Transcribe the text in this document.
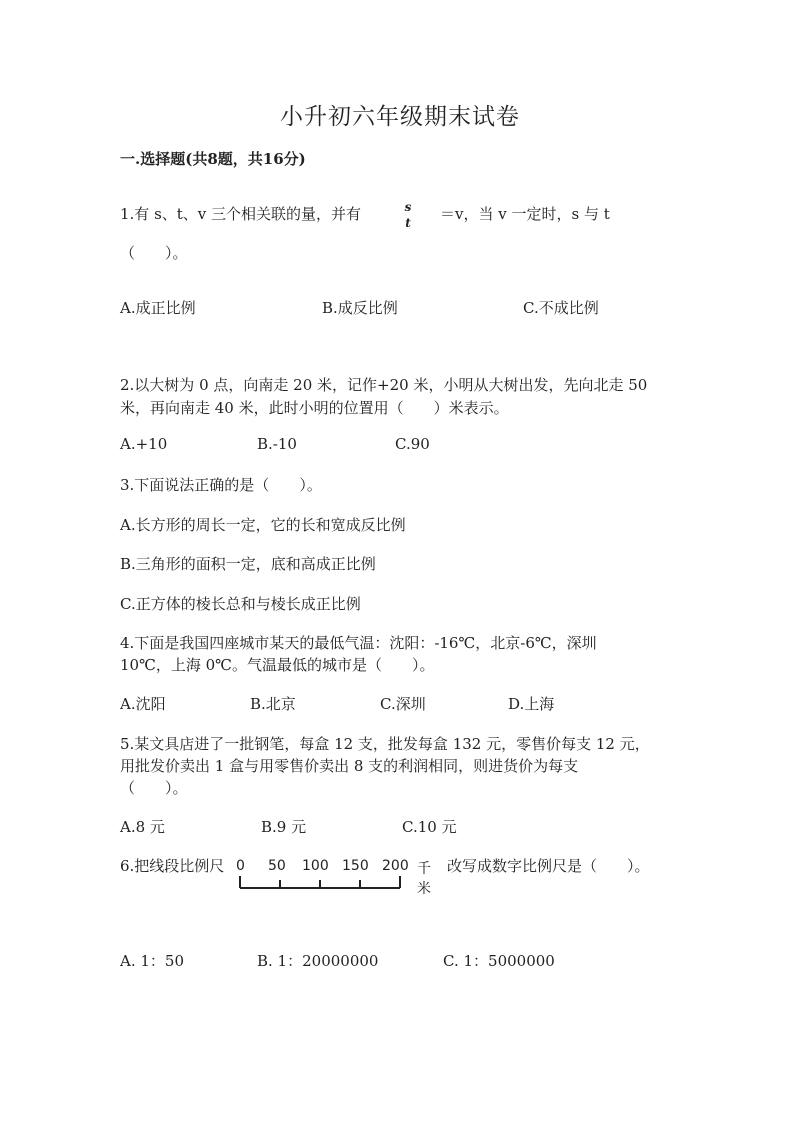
小升初六年级期末试卷
一.选择题(共8题，共16分)
1.有 s、t、v 三个相关联的量，并有	s
t	＝v，当 v 一定时，s 与 t
（　　）。
A.成正比例	B.成反比例	C.不成比例
2.以大树为 0 点，向南走 20 米，记作+20 米，小明从大树出发，先向北走 50
米，再向南走 40 米，此时小明的位置用（　　）米表示。
A.+10	B.-10	C.90
3.下面说法正确的是（　　）。
A.长方形的周长一定，它的长和宽成反比例
B.三角形的面积一定，底和高成正比例
C.正方体的棱长总和与棱长成正比例
4.下面是我国四座城市某天的最低气温：沈阳：-16℃，北京-6℃，深圳
10℃，上海 0℃。气温最低的城市是（　　）。
A.沈阳	B.北京	C.深圳	D.上海
5.某文具店进了一批钢笔，每盒 12 支，批发每盒 132 元，零售价每支 12 元，
用批发价卖出 1 盒与用零售价卖出 8 支的利润相同，则进货价为每支
（　　）。
A.8 元	B.9 元	C.10 元
6.把线段比例尺 0 50 100 150 200 千米
改写成数字比例尺是（　　）。
A. 1：50	B. 1：20000000	C. 1：5000000
